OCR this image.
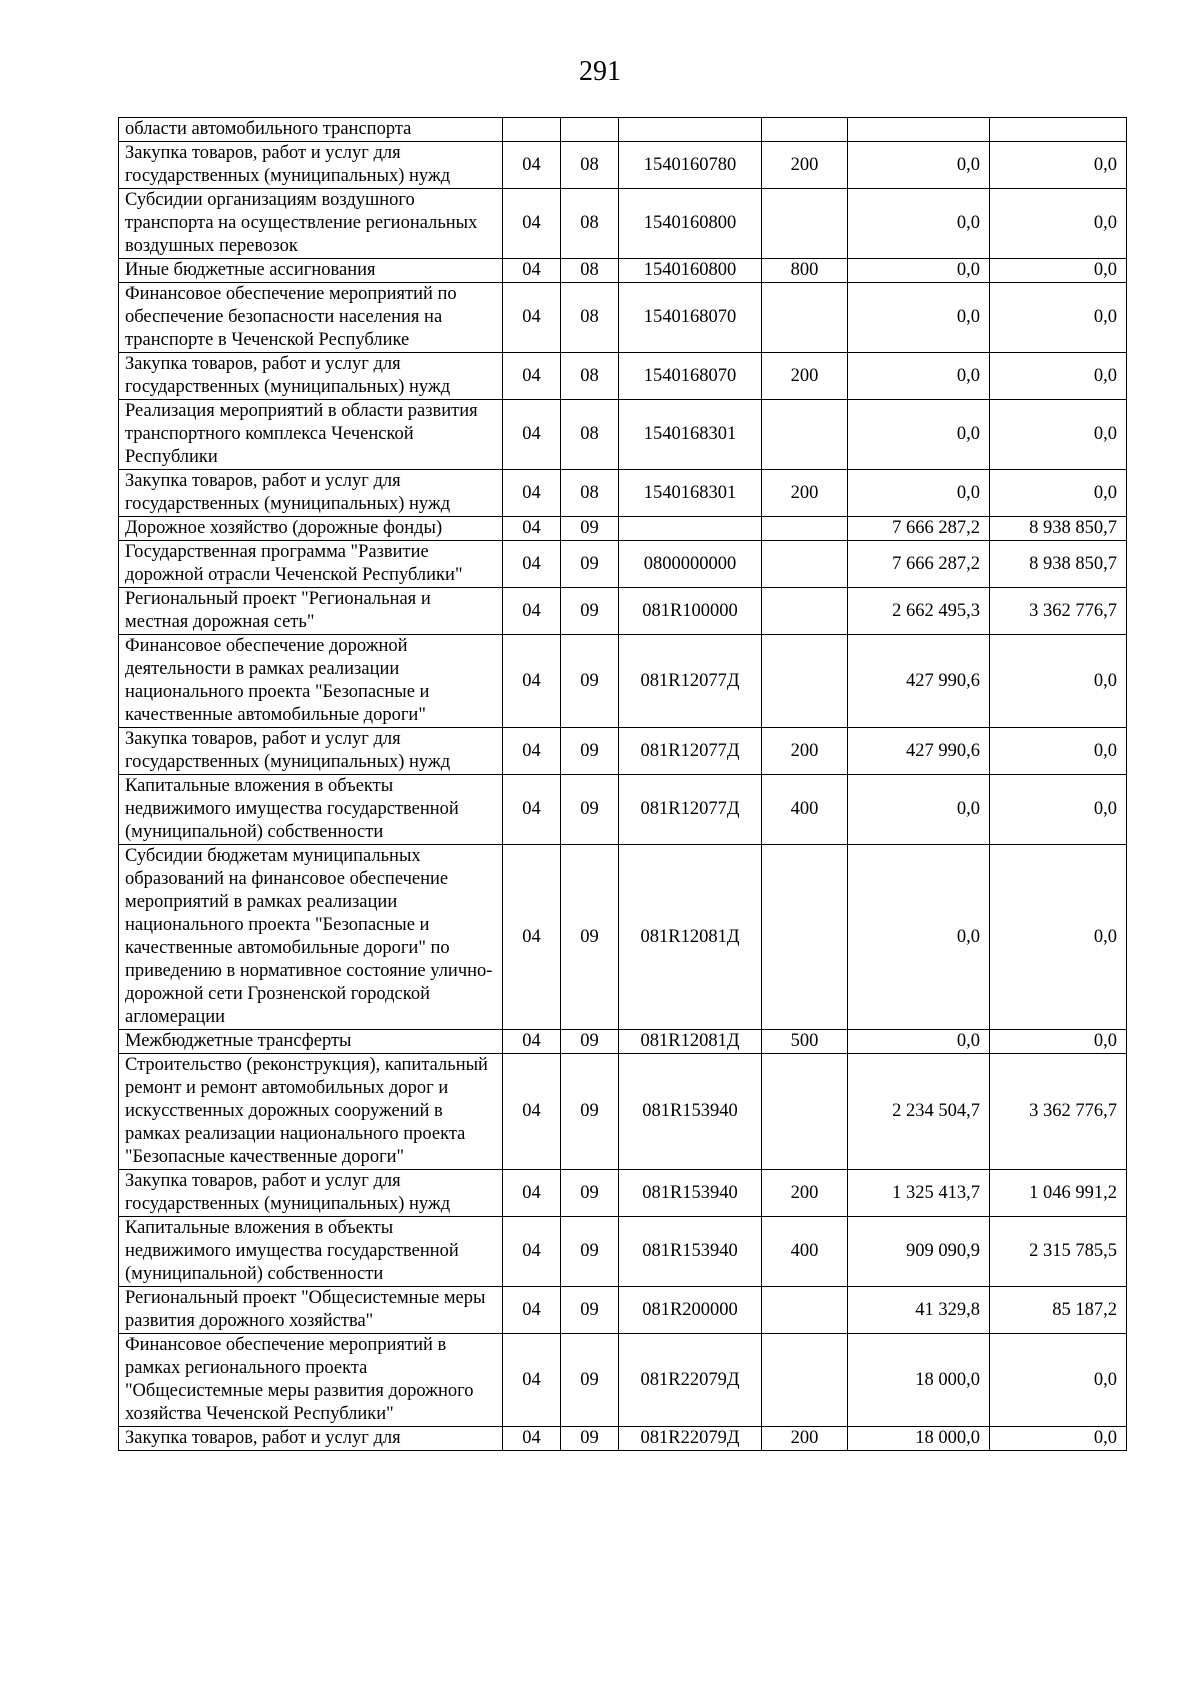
291
области автомобильного транспорта						
Закупка товаров, работ и услуг для государственных (муниципальных) нужд	04	08	1540160780	200	0,0	0,0
Субсидии организациям воздушного транспорта на осуществление региональных воздушных перевозок	04	08	1540160800		0,0	0,0
Иные бюджетные ассигнования	04	08	1540160800	800	0,0	0,0
Финансовое обеспечение мероприятий по обеспечение безопасности населения на транспорте в Чеченской Республике	04	08	1540168070		0,0	0,0
Закупка товаров, работ и услуг для государственных (муниципальных) нужд	04	08	1540168070	200	0,0	0,0
Реализация мероприятий в области развития транспортного комплекса Чеченской Республики	04	08	1540168301		0,0	0,0
Закупка товаров, работ и услуг для государственных (муниципальных) нужд	04	08	1540168301	200	0,0	0,0
Дорожное хозяйство (дорожные фонды)	04	09			7 666 287,2	8 938 850,7
Государственная программа "Развитие дорожной отрасли Чеченской Республики"	04	09	0800000000		7 666 287,2	8 938 850,7
Региональный проект "Региональная и местная дорожная сеть"	04	09	081R100000		2 662 495,3	3 362 776,7
Финансовое обеспечение дорожной деятельности в рамках реализации национального проекта "Безопасные и качественные автомобильные дороги"	04	09	081R12077Д		427 990,6	0,0
Закупка товаров, работ и услуг для государственных (муниципальных) нужд	04	09	081R12077Д	200	427 990,6	0,0
Капитальные вложения в объекты недвижимого имущества государственной (муниципальной) собственности	04	09	081R12077Д	400	0,0	0,0
Субсидии бюджетам муниципальных образований на финансовое обеспечение мероприятий в рамках реализации национального проекта "Безопасные и качественные автомобильные дороги" по приведению в нормативное состояние улично-дорожной сети Грозненской городской агломерации	04	09	081R12081Д		0,0	0,0
Межбюджетные трансферты	04	09	081R12081Д	500	0,0	0,0
Строительство (реконструкция), капитальный ремонт и ремонт автомобильных дорог и искусственных дорожных сооружений в рамках реализации национального проекта "Безопасные качественные дороги"	04	09	081R153940		2 234 504,7	3 362 776,7
Закупка товаров, работ и услуг для государственных (муниципальных) нужд	04	09	081R153940	200	1 325 413,7	1 046 991,2
Капитальные вложения в объекты недвижимого имущества государственной (муниципальной) собственности	04	09	081R153940	400	909 090,9	2 315 785,5
Региональный проект "Общесистемные меры развития дорожного хозяйства"	04	09	081R200000		41 329,8	85 187,2
Финансовое обеспечение мероприятий в рамках регионального проекта "Общесистемные меры развития дорожного хозяйства Чеченской Республики"	04	09	081R22079Д		18 000,0	0,0
Закупка товаров, работ и услуг для	04	09	081R22079Д	200	18 000,0	0,0
